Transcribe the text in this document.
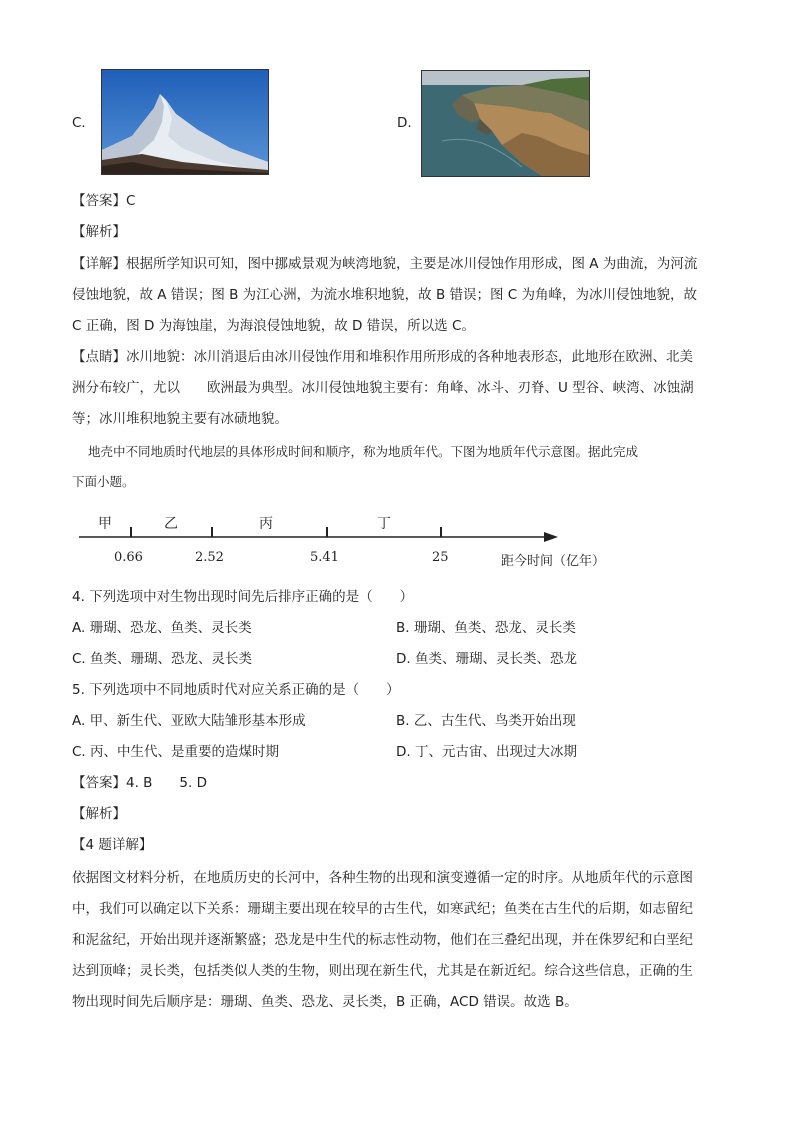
C.	D.
【答案】C
【解析】
【详解】根据所学知识可知，图中挪威景观为峡湾地貌，主要是冰川侵蚀作用形成，图 A 为曲流，为河流
侵蚀地貌，故 A 错误；图 B 为江心洲，为流水堆积地貌，故 B 错误；图 C 为角峰，为冰川侵蚀地貌，故
C 正确，图 D 为海蚀崖，为海浪侵蚀地貌，故 D 错误，所以选 C。
【点睛】冰川地貌：冰川消退后由冰川侵蚀作用和堆积作用所形成的各种地表形态，此地形在欧洲、北美
洲分布较广，尤以　　欧洲最为典型。冰川侵蚀地貌主要有：角峰、冰斗、刃脊、U 型谷、峡湾、冰蚀湖
等；冰川堆积地貌主要有冰碛地貌。
地壳中不同地质时代地层的具体形成时间和顺序，称为地质年代。下图为地质年代示意图。据此完成
下面小题。
甲	乙	丙	丁
0.66	2.52	5.41	25	距今时间（亿年）
4. 下列选项中对生物出现时间先后排序正确的是（　　）
A. 珊瑚、恐龙、鱼类、灵长类	B. 珊瑚、鱼类、恐龙、灵长类
C. 鱼类、珊瑚、恐龙、灵长类	D. 鱼类、珊瑚、灵长类、恐龙
5. 下列选项中不同地质时代对应关系正确的是（　　）
A. 甲、新生代、亚欧大陆雏形基本形成	B. 乙、古生代、鸟类开始出现
C. 丙、中生代、是重要的造煤时期	D. 丁、元古宙、出现过大冰期
【答案】4. B　　5. D
【解析】
【4 题详解】
依据图文材料分析，在地质历史的长河中，各种生物的出现和演变遵循一定的时序。从地质年代的示意图
中，我们可以确定以下关系：珊瑚主要出现在较早的古生代，如寒武纪；鱼类在古生代的后期，如志留纪
和泥盆纪，开始出现并逐渐繁盛；恐龙是中生代的标志性动物，他们在三叠纪出现，并在侏罗纪和白垩纪
达到顶峰；灵长类，包括类似人类的生物，则出现在新生代，尤其是在新近纪。综合这些信息，正确的生
物出现时间先后顺序是：珊瑚、鱼类、恐龙、灵长类，B 正确，ACD 错误。故选 B。
